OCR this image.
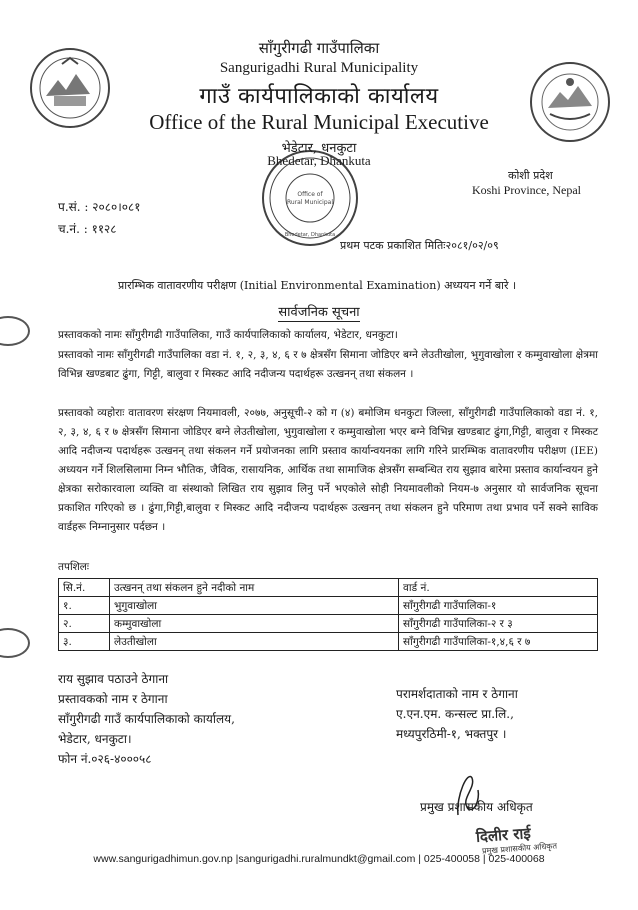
साँगुरीगढी गाउँपालिका
Sangurigadhi Rural Municipality
गाउँ कार्यपालिकाको कार्यालय
Office of the Rural Municipal Executive
भेडेटार, धनकुटा
Bhedetar, Dhankuta
Office of
Rural Municipal
Bhedetar, Dhankuta
कोशी प्रदेश
Koshi Province, Nepal
प.सं. : २०८०।०८१
च.नं. : ११२८
प्रथम पटक प्रकाशित मितिः२०८१/०२/०९
प्रारम्भिक वातावरणीय परीक्षण (Initial Environmental Examination) अध्ययन गर्ने बारे ।
सार्वजनिक सूचना
प्रस्तावकको नामः साँगुरीगढी गाउँपालिका, गाउँ कार्यपालिकाको कार्यालय, भेडेटार, धनकुटा।
प्रस्तावको नामः साँगुरीगढी गाउँपालिका वडा नं. १, २, ३, ४, ६ र ७ क्षेत्रसँग सिमाना जोडिएर बग्ने लेउतीखोला, भुगुवाखोला र कम्मुवाखोला क्षेत्रमा विभिन्न खण्डबाट ढुंगा, गिट्टी, बालुवा र मिस्कट आदि नदीजन्य पदार्थहरू उत्खनन् तथा संकलन ।
प्रस्तावको व्यहोराः वातावरण संरक्षण नियमावली, २०७७, अनुसूची-२ को ग (४) बमोजिम धनकुटा जिल्ला, साँगुरीगढी गाउँपालिकाको वडा नं. १, २, ३, ४, ६ र ७ क्षेत्रसँग सिमाना जोडिएर बग्ने लेउतीखोला, भुगुवाखोला र कम्मुवाखोला भएर बग्ने विभिन्न खण्डबाट ढुंगा,गिट्टी, बालुवा र मिस्कट आदि नदीजन्य पदार्थहरू उत्खनन् तथा संकलन गर्ने प्रयोजनका लागि प्रस्ताव कार्यान्वयनका लागि गरिने प्रारम्भिक वातावरणीय परीक्षण (IEE) अध्ययन गर्ने शिलसिलामा निम्न भौतिक, जैविक, रासायनिक, आर्थिक तथा सामाजिक क्षेत्रसँग सम्बन्धित राय सुझाव बारेमा प्रस्ताव कार्यान्वयन हुने क्षेत्रका सरोकारवाला व्यक्ति वा संस्थाको लिखित राय सुझाव लिनु पर्ने भएकोले सोही नियमावलीको नियम-७ अनुसार यो सार्वजनिक सूचना प्रकाशित गरिएको छ । ढुंगा,गिट्टी,बालुवा र मिस्कट आदि नदीजन्य पदार्थहरू उत्खनन् तथा संकलन हुने परिमाण तथा प्रभाव पर्ने सक्ने साविक वार्डहरू निम्नानुसार पर्दछन ।
तपशिलः
सि.नं.	उत्खनन् तथा संकलन हुने नदीको नाम	वार्ड नं.
१.	भुगुवाखोला	साँगुरीगढी गाउँपालिका-१
२.	कम्मुवाखोला	साँगुरीगढी गाउँपालिका-२ र ३
३.	लेउतीखोला	साँगुरीगढी गाउँपालिका-१,४,६ र ७
राय सुझाव पठाउने ठेगाना
प्रस्तावकको नाम र ठेगाना
साँगुरीगढी गाउँ कार्यपालिकाको कार्यालय,
भेडेटार, धनकुटा।
फोन नं.०२६-४०००५८
परामर्शदाताको नाम र ठेगाना
ए.एन.एम. कन्सल्ट प्रा.लि.,
मध्यपुरठिमी-१, भक्तपुर ।
प्रमुख प्रशासकीय अधिकृत
दिलीर राई
प्रमुख प्रशासकीय अधिकृत
www.sangurigadhimun.gov.np |sangurigadhi.ruralmundkt@gmail.com | 025-400058 | 025-400068
